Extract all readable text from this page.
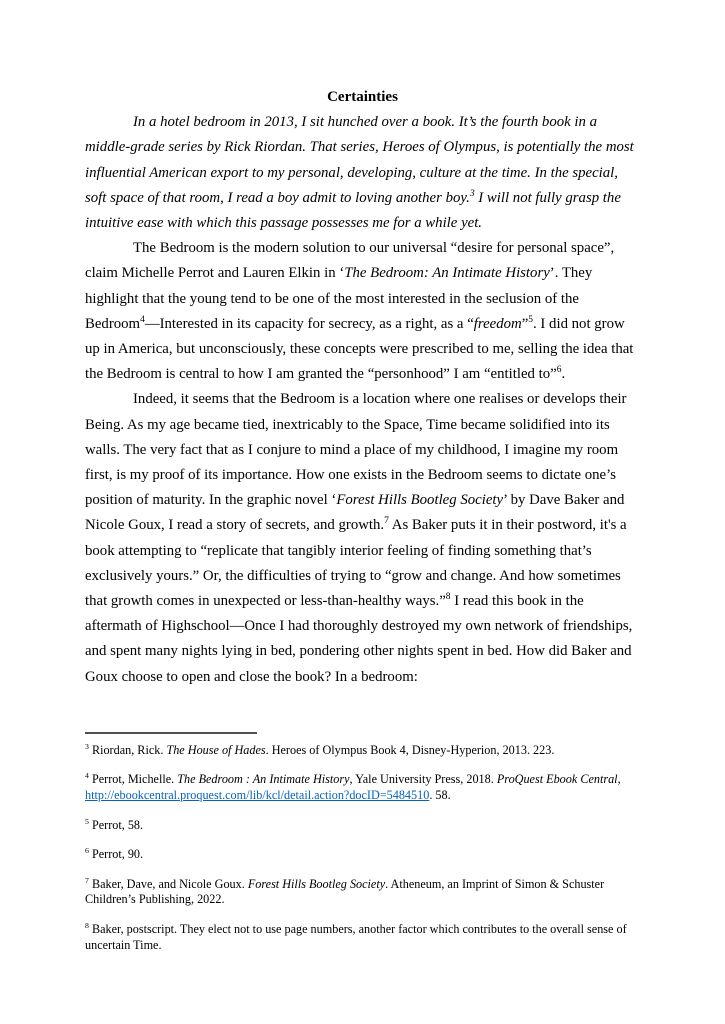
Certainties

In a hotel bedroom in 2013, I sit hunched over a book. It’s the fourth book in a
middle-grade series by Rick Riordan. That series, Heroes of Olympus, is potentially the most
influential American export to my personal, developing, culture at the time. In the special,
soft space of that room, I read a boy admit to loving another boy.$^3$ I will not fully grasp the
intuitive ease with which this passage possesses me for a while yet.

The Bedroom is the modern solution to our universal “desire for personal space”,
claim Michelle Perrot and Lauren Elkin in ‘The Bedroom: An Intimate History’. They
highlight that the young tend to be one of the most interested in the seclusion of the
Bedroom$^4$—Interested in its capacity for secrecy, as a right, as a “freedom”$^5$. I did not grow
up in America, but unconsciously, these concepts were prescribed to me, selling the idea that
the Bedroom is central to how I am granted the “personhood” I am “entitled to”$^6$.

Indeed, it seems that the Bedroom is a location where one realises or develops their
Being. As my age became tied, inextricably to the Space, Time became solidified into its
walls. The very fact that as I conjure to mind a place of my childhood, I imagine my room
first, is my proof of its importance. How one exists in the Bedroom seems to dictate one’s
position of maturity. In the graphic novel ‘Forest Hills Bootleg Society’ by Dave Baker and
Nicole Goux, I read a story of secrets, and growth.$^7$ As Baker puts it in their postword, it's a
book attempting to “replicate that tangibly interior feeling of finding something that’s
exclusively yours.” Or, the difficulties of trying to “grow and change. And how sometimes
that growth comes in unexpected or less-than-healthy ways.”$^8$ I read this book in the
aftermath of Highschool—Once I had thoroughly destroyed my own network of friendships,
and spent many nights lying in bed, pondering other nights spent in bed. How did Baker and
Goux choose to open and close the book? In a bedroom:

$^3$ Riordan, Rick. The House of Hades. Heroes of Olympus Book 4, Disney-Hyperion, 2013. 223.
$^4$ Perrot, Michelle. The Bedroom : An Intimate History, Yale University Press, 2018. ProQuest Ebook Central,
http://ebookcentral.proquest.com/lib/kcl/detail.action?docID=5484510. 58.
$^5$ Perrot, 58.
$^6$ Perrot, 90.
$^7$ Baker, Dave, and Nicole Goux. Forest Hills Bootleg Society. Atheneum, an Imprint of Simon & Schuster
Children’s Publishing, 2022.
$^8$ Baker, postscript. They elect not to use page numbers, another factor which contributes to the overall sense of
uncertain Time.
